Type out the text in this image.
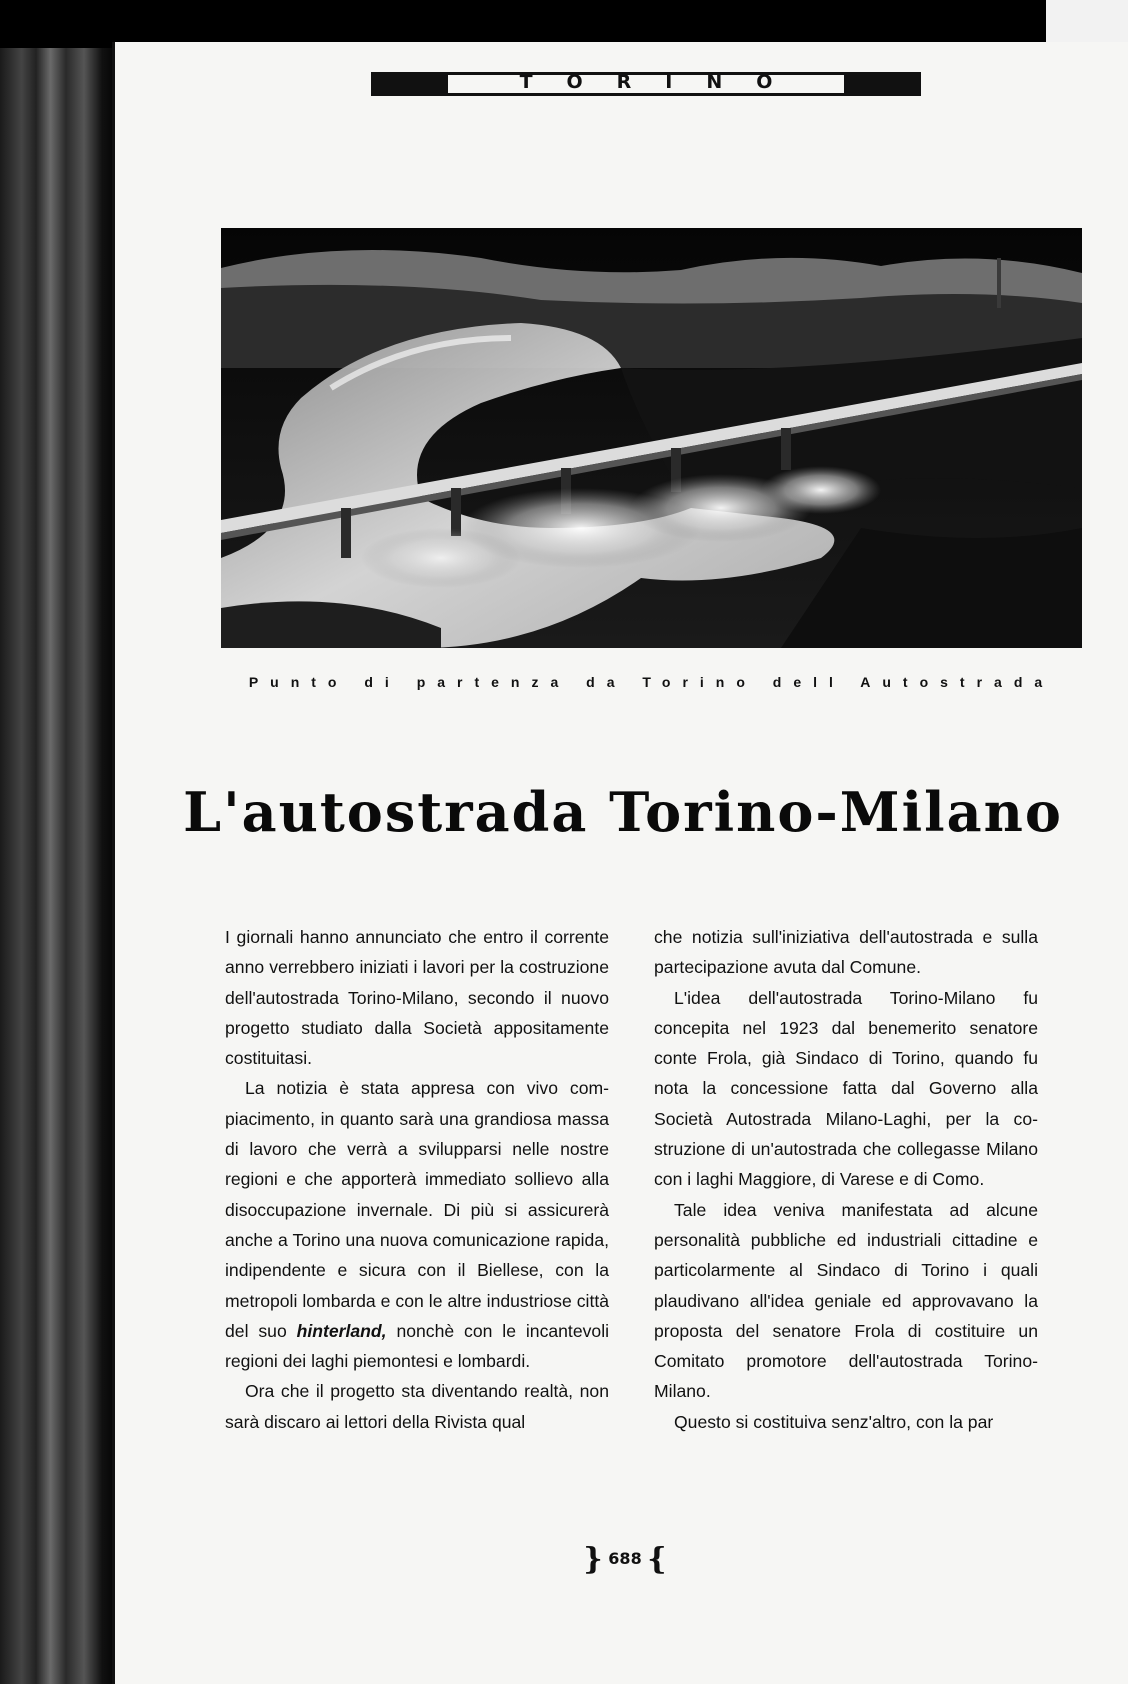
TORINO
Punto di partenza da Torino dell Autostrada
L'autostrada Torino-Milano

I giornali hanno annunciato che entro il corrente anno verrebbero iniziati i lavori per la costruzione dell'autostrada Torino-Milano, secondo il nuovo progetto studiato dalla Società appositamente costituitasi.

La notizia è stata appresa con vivo compiacimento, in quanto sarà una grandiosa massa di lavoro che verrà a svilupparsi nelle nostre regioni e che apporterà immediato sollievo alla disoccupazione invernale. Di più si assicurerà anche a Torino una nuova comunicazione rapida, indipendente e sicura con il Biellese, con la metropoli lombarda e con le altre industriose città del suo hinterland, nonchè con le incantevoli regioni dei laghi piemontesi e lombardi.

Ora che il progetto sta diventando realtà, non sarà discaro ai lettori della Rivista qual

che notizia sull'iniziativa dell'autostrada e sulla partecipazione avuta dal Comune.

L'idea dell'autostrada Torino-Milano fu concepita nel 1923 dal benemerito senatore conte Frola, già Sindaco di Torino, quando fu nota la concessione fatta dal Governo alla Società Autostrada Milano-Laghi, per la costruzione di un'autostrada che collegasse Milano con i laghi Maggiore, di Varese e di Como.

Tale idea veniva manifestata ad alcune personalità pubbliche ed industriali cittadine e particolarmente al Sindaco di Torino i quali plaudivano all'idea geniale ed approvavano la proposta del senatore Frola di costituire un Comitato promotore dell'autostrada Torino-Milano.

Questo si costituiva senz'altro, con la par

} 688 {
